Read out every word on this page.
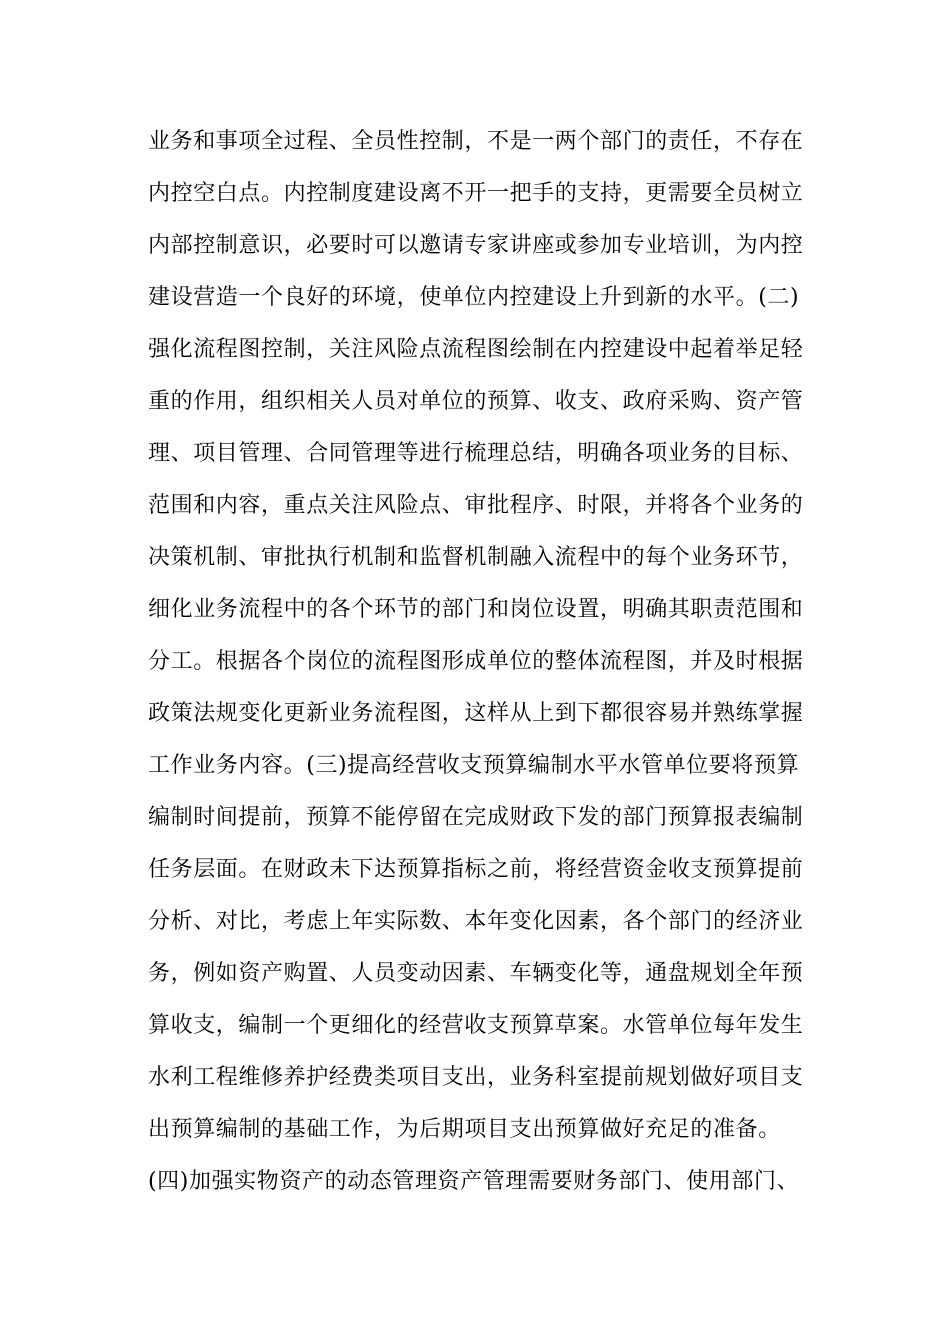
业务和事项全过程、全员性控制，不是一两个部门的责任，不存在
内控空白点。内控制度建设离不开一把手的支持，更需要全员树立
内部控制意识，必要时可以邀请专家讲座或参加专业培训，为内控
建设营造一个良好的环境，使单位内控建设上升到新的水平。(二)
强化流程图控制，关注风险点流程图绘制在内控建设中起着举足轻
重的作用，组织相关人员对单位的预算、收支、政府采购、资产管
理、项目管理、合同管理等进行梳理总结，明确各项业务的目标、
范围和内容，重点关注风险点、审批程序、时限，并将各个业务的
决策机制、审批执行机制和监督机制融入流程中的每个业务环节，
细化业务流程中的各个环节的部门和岗位设置，明确其职责范围和
分工。根据各个岗位的流程图形成单位的整体流程图，并及时根据
政策法规变化更新业务流程图，这样从上到下都很容易并熟练掌握
工作业务内容。(三)提高经营收支预算编制水平水管单位要将预算
编制时间提前，预算不能停留在完成财政下发的部门预算报表编制
任务层面。在财政未下达预算指标之前，将经营资金收支预算提前
分析、对比，考虑上年实际数、本年变化因素，各个部门的经济业
务，例如资产购置、人员变动因素、车辆变化等，通盘规划全年预
算收支，编制一个更细化的经营收支预算草案。水管单位每年发生
水利工程维修养护经费类项目支出，业务科室提前规划做好项目支
出预算编制的基础工作，为后期项目支出预算做好充足的准备。
(四)加强实物资产的动态管理资产管理需要财务部门、使用部门、
